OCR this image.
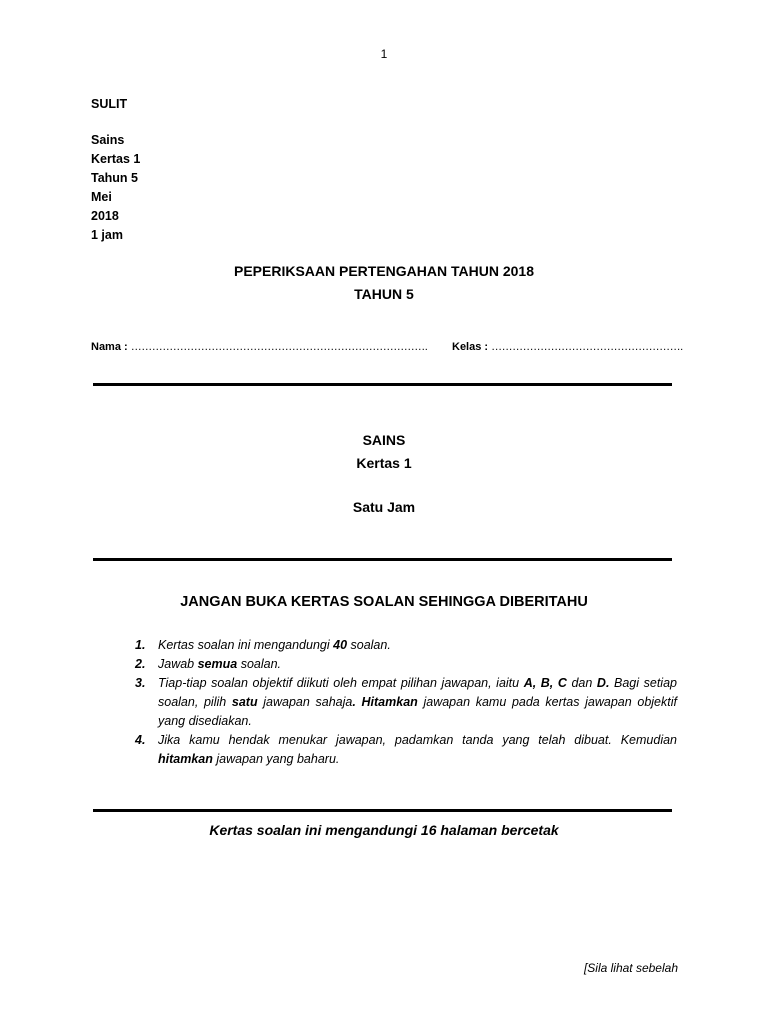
1
SULIT
Sains
Kertas 1
Tahun 5
Mei
2018
1 jam
PEPERIKSAAN PERTENGAHAN TAHUN 2018
TAHUN 5
Nama : …………………………………………………………………………. Kelas : ……………………………………………….
SAINS
Kertas 1
Satu Jam
JANGAN BUKA KERTAS SOALAN SEHINGGA DIBERITAHU
1. Kertas soalan ini mengandungi 40 soalan.
2. Jawab semua soalan.
3. Tiap-tiap soalan objektif diikuti oleh empat pilihan jawapan, iaitu A, B, C dan D. Bagi setiap soalan, pilih satu jawapan sahaja. Hitamkan jawapan kamu pada kertas jawapan objektif yang disediakan.
4. Jika kamu hendak menukar jawapan, padamkan tanda yang telah dibuat. Kemudian hitamkan jawapan yang baharu.
Kertas soalan ini mengandungi 16 halaman bercetak
[Sila lihat sebelah
